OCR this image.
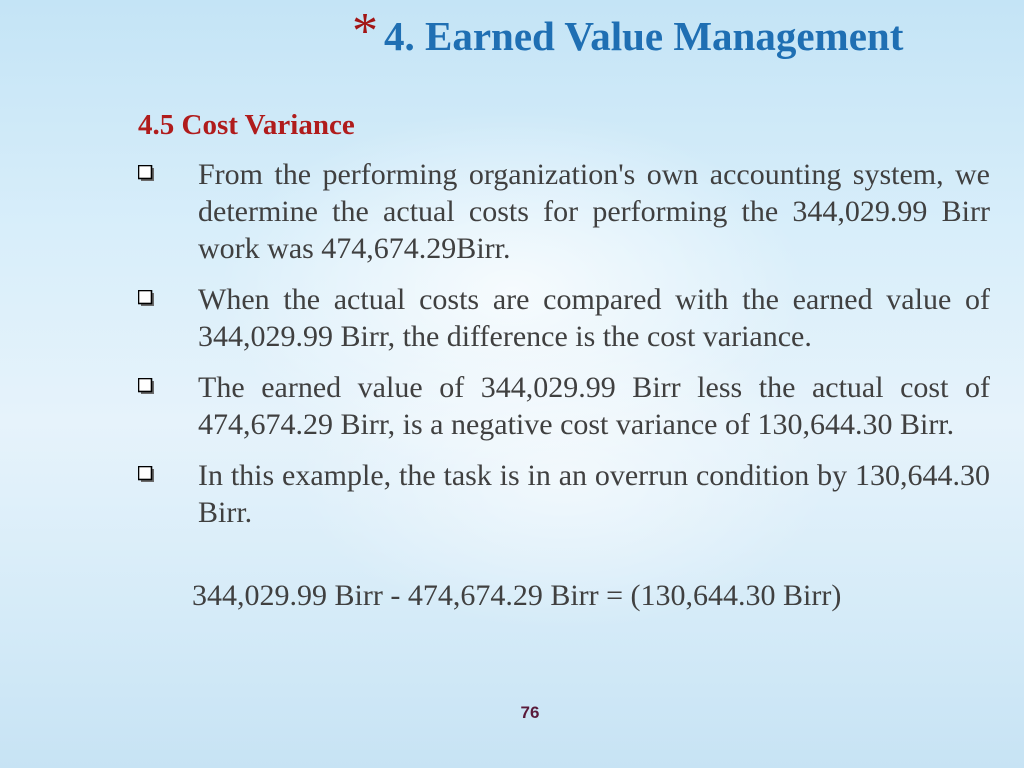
* 4. Earned Value Management
4.5 Cost Variance
From the performing organization's own accounting system, we determine the actual costs for performing the 344,029.99 Birr work was 474,674.29Birr.
When the actual costs are compared with the earned value of 344,029.99 Birr, the difference is the cost variance.
The earned value of 344,029.99 Birr less the actual cost of 474,674.29 Birr, is a negative cost variance of 130,644.30 Birr.
In this example, the task is in an overrun condition by 130,644.30 Birr.
344,029.99 Birr - 474,674.29 Birr = (130,644.30 Birr)
76
